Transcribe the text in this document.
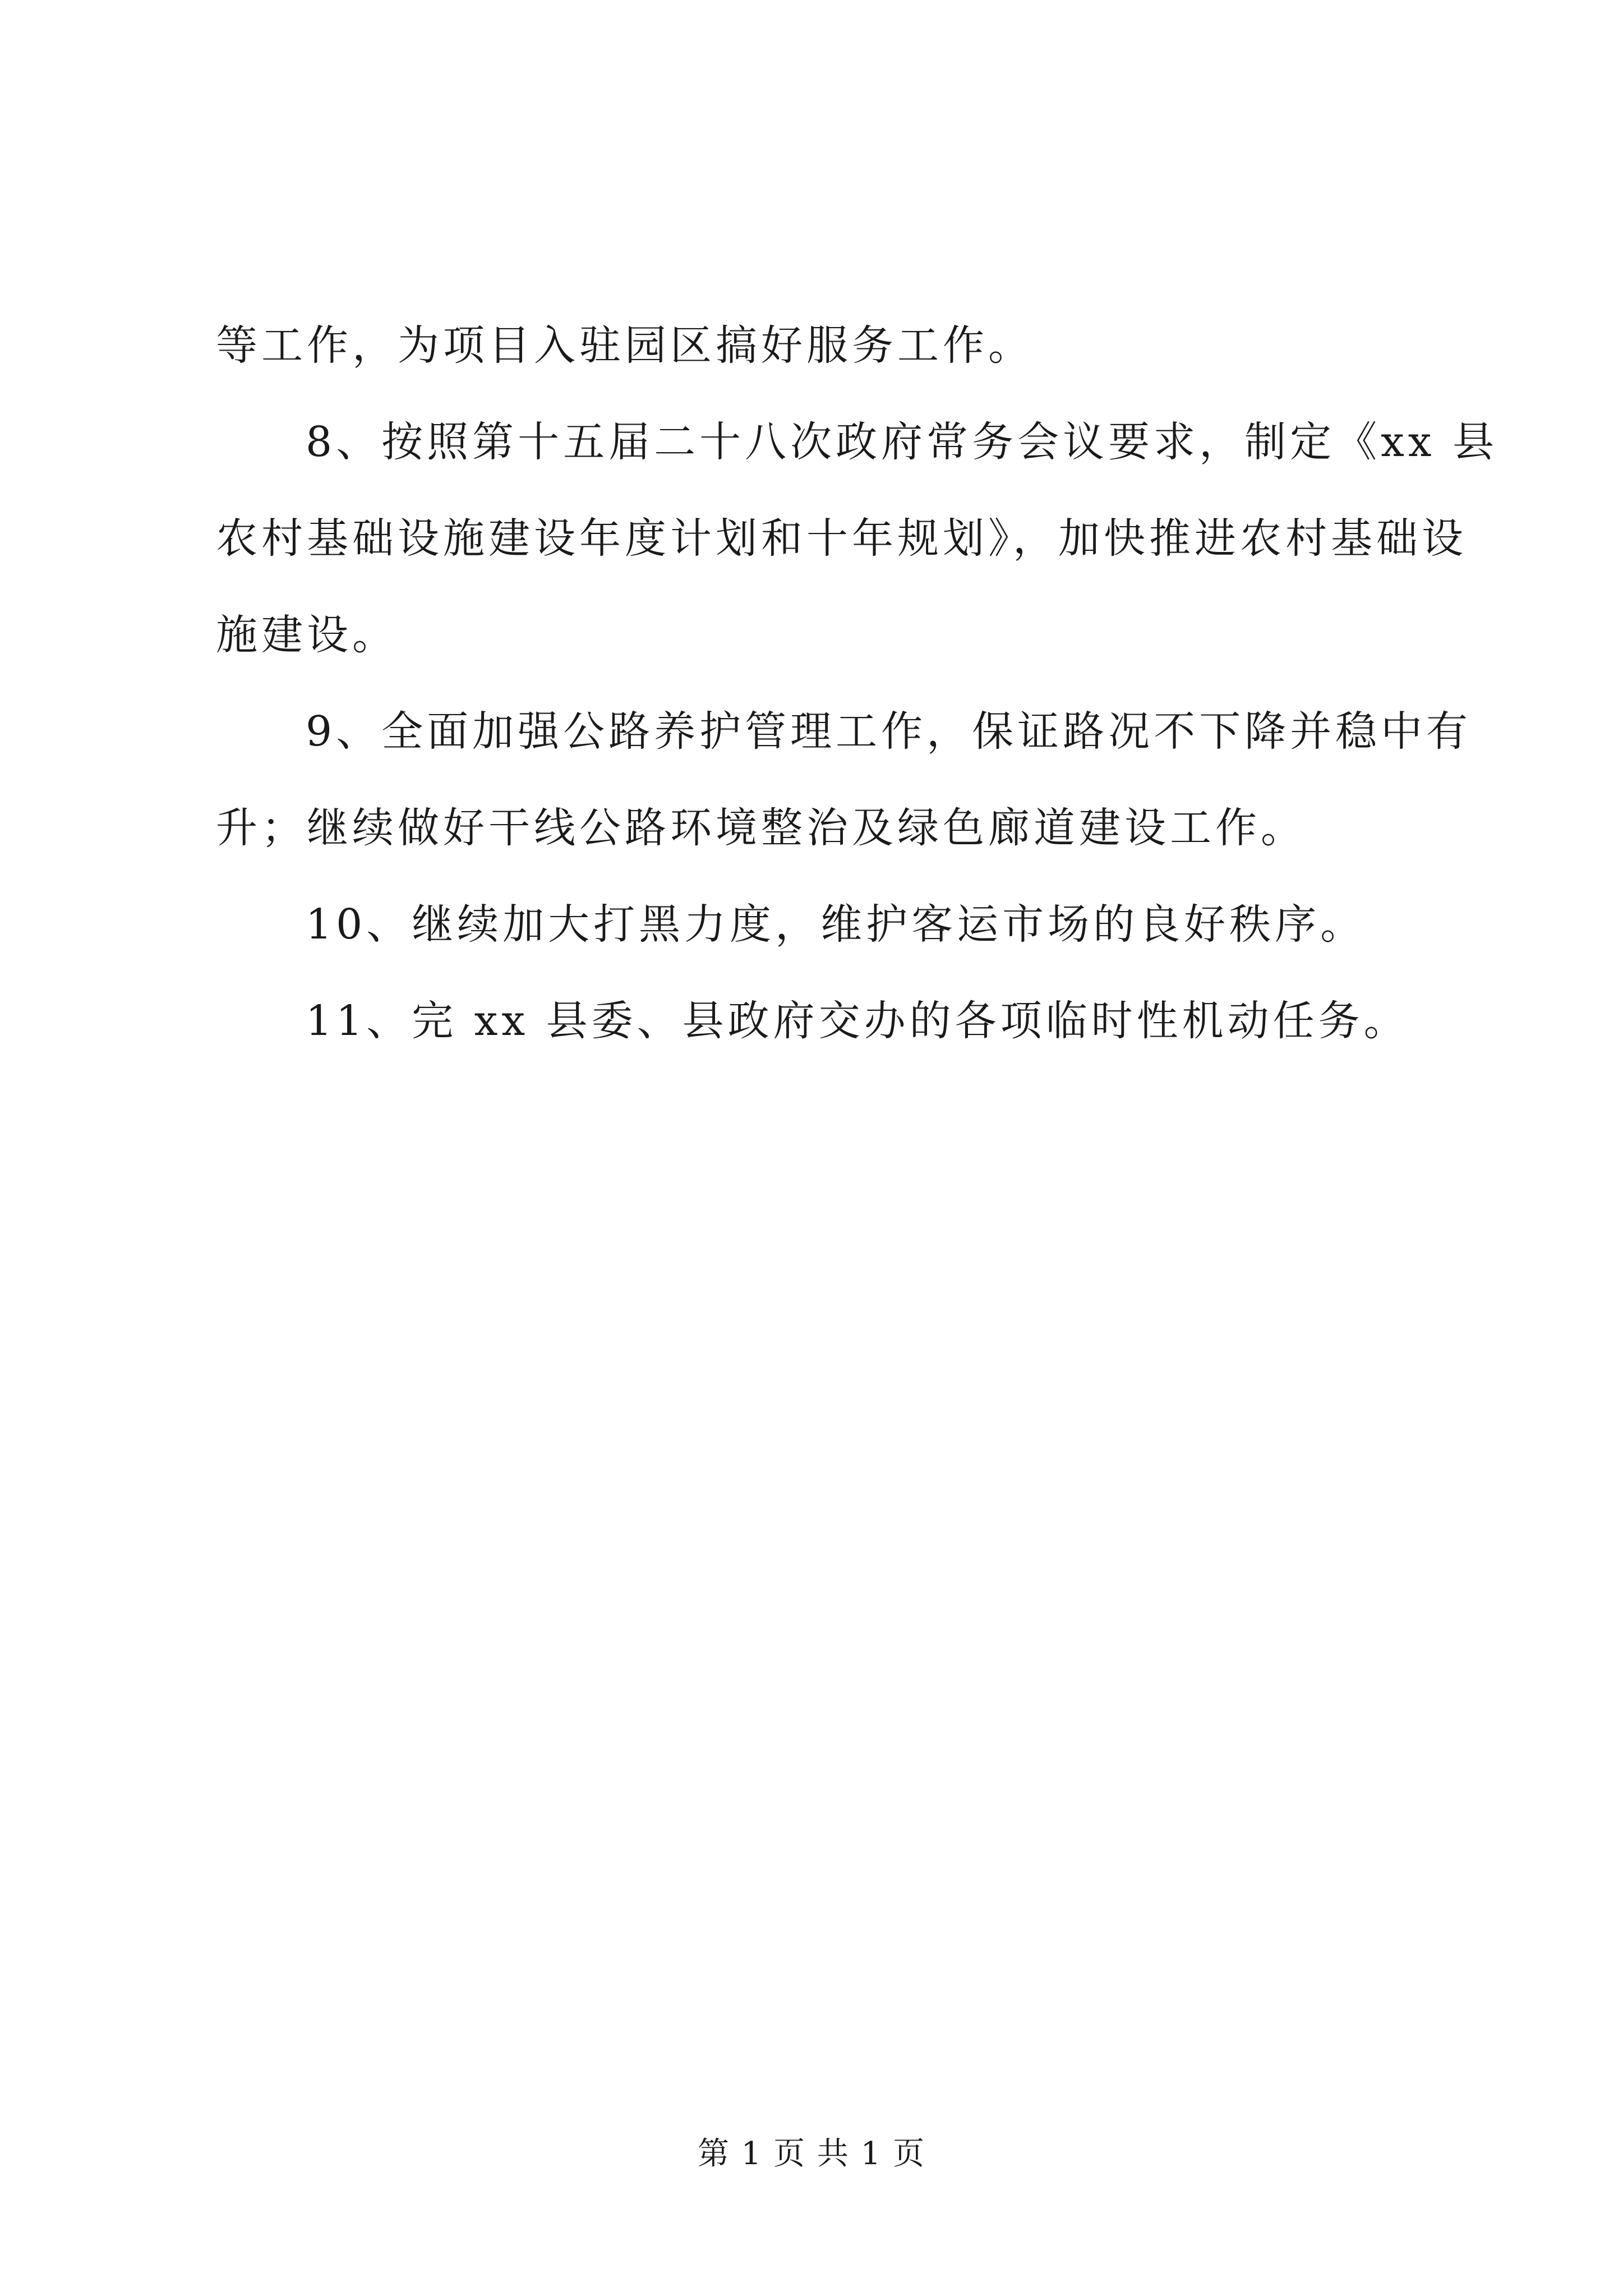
等工作，为项目入驻园区搞好服务工作。
8、按照第十五届二十八次政府常务会议要求，制定《xx 县
农村基础设施建设年度计划和十年规划》，加快推进农村基础设
施建设。
9、全面加强公路养护管理工作，保证路况不下降并稳中有
升；继续做好干线公路环境整治及绿色廊道建设工作。
10、继续加大打黑力度，维护客运市场的良好秩序。
11、完 xx 县委、县政府交办的各项临时性机动任务。
第 1 页 共 1 页
